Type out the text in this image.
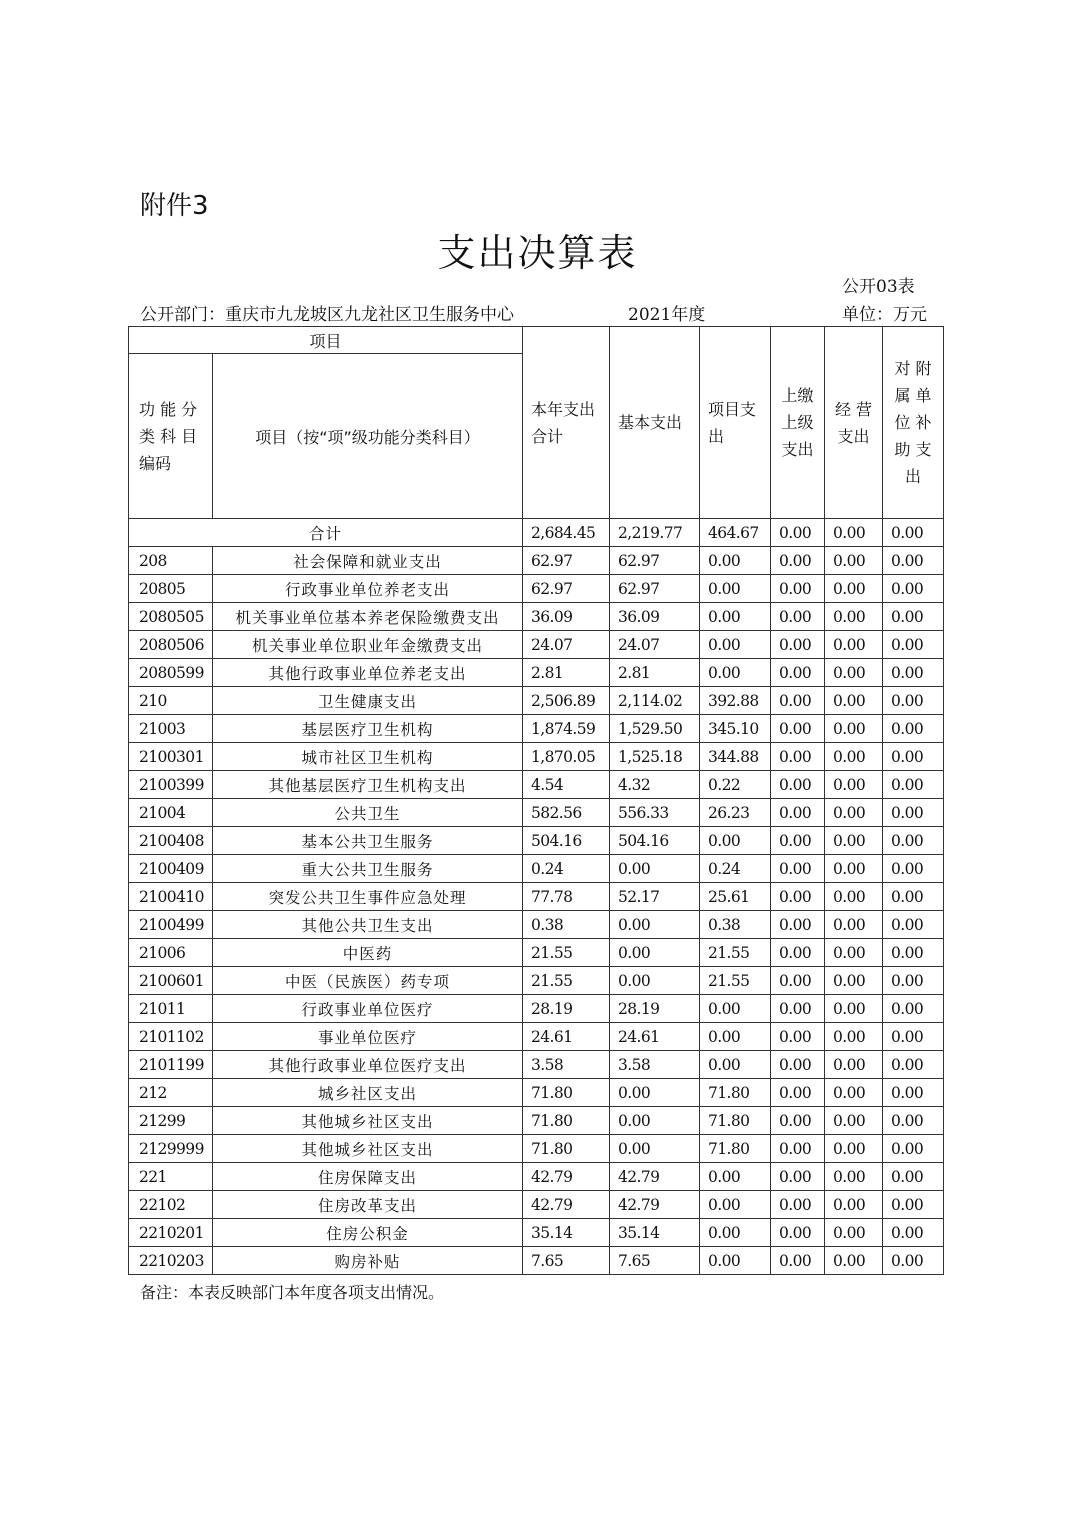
附件3
支出决算表
公开03表
公开部门：重庆市九龙坡区九龙社区卫生服务中心	2021年度	单位：万元
项目		本年支出合计	基本支出	项目支出	上缴上级支出	经 营 支出	对 附 属 单 位 补 助 支 出
功 能 分 类 科 目 编码	项目（按“项”级功能分类科目）						
合计		2,684.45	2,219.77	464.67	0.00	0.00	0.00
208	社会保障和就业支出	62.97	62.97	0.00	0.00	0.00	0.00
20805	行政事业单位养老支出	62.97	62.97	0.00	0.00	0.00	0.00
2080505	机关事业单位基本养老保险缴费支出	36.09	36.09	0.00	0.00	0.00	0.00
2080506	机关事业单位职业年金缴费支出	24.07	24.07	0.00	0.00	0.00	0.00
2080599	其他行政事业单位养老支出	2.81	2.81	0.00	0.00	0.00	0.00
210	卫生健康支出	2,506.89	2,114.02	392.88	0.00	0.00	0.00
21003	基层医疗卫生机构	1,874.59	1,529.50	345.10	0.00	0.00	0.00
2100301	城市社区卫生机构	1,870.05	1,525.18	344.88	0.00	0.00	0.00
2100399	其他基层医疗卫生机构支出	4.54	4.32	0.22	0.00	0.00	0.00
21004	公共卫生	582.56	556.33	26.23	0.00	0.00	0.00
2100408	基本公共卫生服务	504.16	504.16	0.00	0.00	0.00	0.00
2100409	重大公共卫生服务	0.24	0.00	0.24	0.00	0.00	0.00
2100410	突发公共卫生事件应急处理	77.78	52.17	25.61	0.00	0.00	0.00
2100499	其他公共卫生支出	0.38	0.00	0.38	0.00	0.00	0.00
21006	中医药	21.55	0.00	21.55	0.00	0.00	0.00
2100601	中医（民族医）药专项	21.55	0.00	21.55	0.00	0.00	0.00
21011	行政事业单位医疗	28.19	28.19	0.00	0.00	0.00	0.00
2101102	事业单位医疗	24.61	24.61	0.00	0.00	0.00	0.00
2101199	其他行政事业单位医疗支出	3.58	3.58	0.00	0.00	0.00	0.00
212	城乡社区支出	71.80	0.00	71.80	0.00	0.00	0.00
21299	其他城乡社区支出	71.80	0.00	71.80	0.00	0.00	0.00
2129999	其他城乡社区支出	71.80	0.00	71.80	0.00	0.00	0.00
221	住房保障支出	42.79	42.79	0.00	0.00	0.00	0.00
22102	住房改革支出	42.79	42.79	0.00	0.00	0.00	0.00
2210201	住房公积金	35.14	35.14	0.00	0.00	0.00	0.00
2210203	购房补贴	7.65	7.65	0.00	0.00	0.00	0.00
备注：本表反映部门本年度各项支出情况。
